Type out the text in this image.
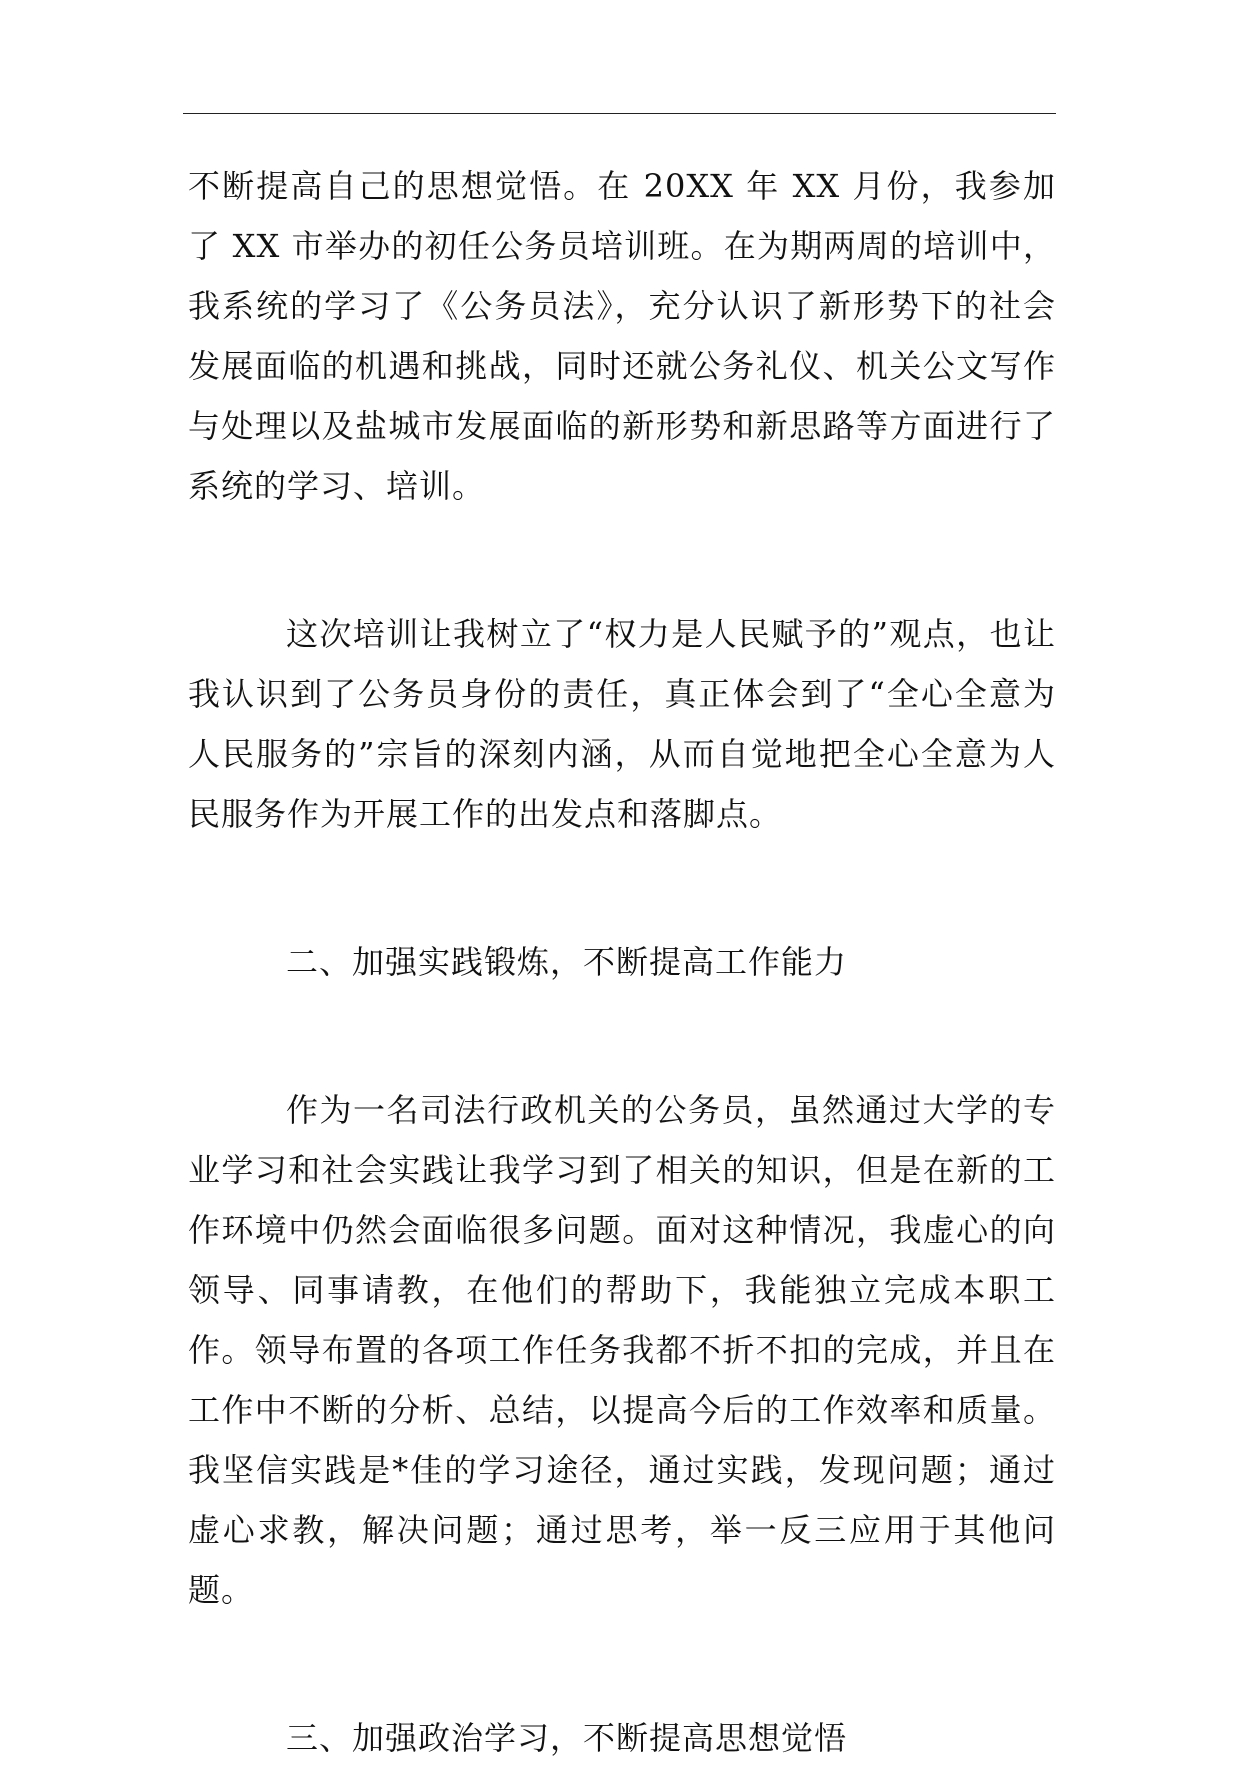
不断提高自己的思想觉悟。在 20XX 年 XX 月份，我参加了 XX 市举办的初任公务员培训班。在为期两周的培训中，我系统的学习了《公务员法》，充分认识了新形势下的社会发展面临的机遇和挑战，同时还就公务礼仪、机关公文写作与处理以及盐城市发展面临的新形势和新思路等方面进行了系统的学习、培训。

这次培训让我树立了“权力是人民赋予的”观点，也让我认识到了公务员身份的责任，真正体会到了“全心全意为人民服务的”宗旨的深刻内涵，从而自觉地把全心全意为人民服务作为开展工作的出发点和落脚点。

二、加强实践锻炼，不断提高工作能力

作为一名司法行政机关的公务员，虽然通过大学的专业学习和社会实践让我学习到了相关的知识，但是在新的工作环境中仍然会面临很多问题。面对这种情况，我虚心的向领导、同事请教，在他们的帮助下，我能独立完成本职工作。领导布置的各项工作任务我都不折不扣的完成，并且在工作中不断的分析、总结，以提高今后的工作效率和质量。我坚信实践是*佳的学习途径，通过实践，发现问题；通过虚心求教，解决问题；通过思考，举一反三应用于其他问题。

三、加强政治学习，不断提高思想觉悟
